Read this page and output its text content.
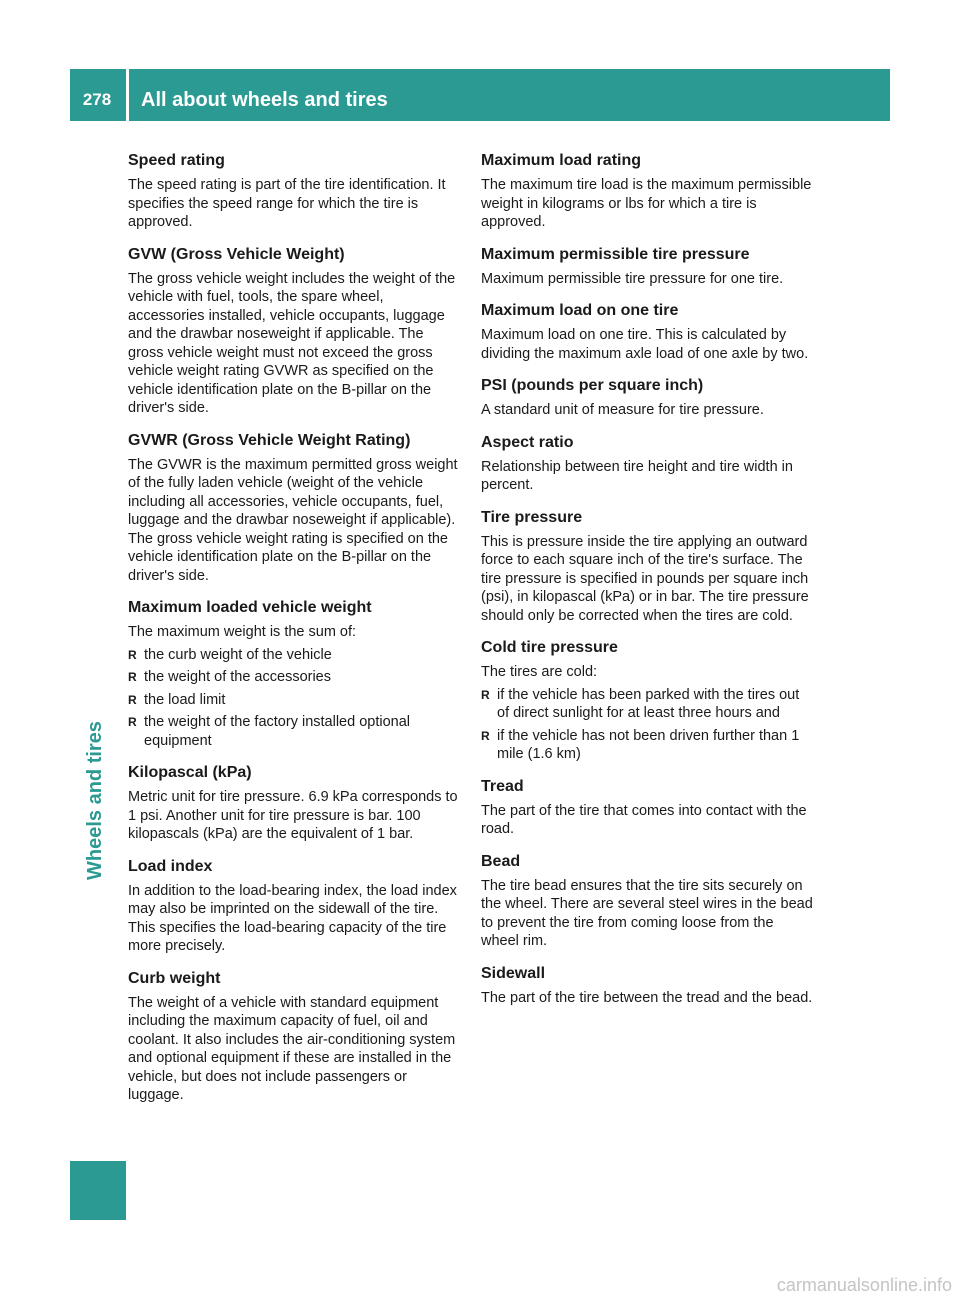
278	All about wheels and tires
Wheels and tires
Speed rating

The speed rating is part of the tire identification. It specifies the speed range for which the tire is approved.

GVW (Gross Vehicle Weight)

The gross vehicle weight includes the weight of the vehicle with fuel, tools, the spare wheel, accessories installed, vehicle occupants, luggage and the drawbar noseweight if applicable. The gross vehicle weight must not exceed the gross vehicle weight rating GVWR as specified on the vehicle identification plate on the B-pillar on the driver's side.

GVWR (Gross Vehicle Weight Rating)

The GVWR is the maximum permitted gross weight of the fully laden vehicle (weight of the vehicle including all accessories, vehicle occupants, fuel, luggage and the drawbar noseweight if applicable). The gross vehicle weight rating is specified on the vehicle identification plate on the B-pillar on the driver's side.

Maximum loaded vehicle weight

The maximum weight is the sum of:

R the curb weight of the vehicle
R the weight of the accessories
R the load limit
R the weight of the factory installed optional equipment
Kilopascal (kPa)

Metric unit for tire pressure. 6.9 kPa corresponds to 1 psi. Another unit for tire pressure is bar. 100 kilopascals (kPa) are the equivalent of 1 bar.

Load index

In addition to the load-bearing index, the load index may also be imprinted on the sidewall of the tire. This specifies the load-bearing capacity of the tire more precisely.

Curb weight

The weight of a vehicle with standard equipment including the maximum capacity of fuel, oil and coolant. It also includes the air-conditioning system and optional equipment if these are installed in the vehicle, but does not include passengers or luggage.

Maximum load rating

The maximum tire load is the maximum permissible weight in kilograms or lbs for which a tire is approved.

Maximum permissible tire pressure

Maximum permissible tire pressure for one tire.

Maximum load on one tire

Maximum load on one tire. This is calculated by dividing the maximum axle load of one axle by two.

PSI (pounds per square inch)

A standard unit of measure for tire pressure.

Aspect ratio

Relationship between tire height and tire width in percent.

Tire pressure

This is pressure inside the tire applying an outward force to each square inch of the tire's surface. The tire pressure is specified in pounds per square inch (psi), in kilopascal (kPa) or in bar. The tire pressure should only be corrected when the tires are cold.

Cold tire pressure

The tires are cold:

R if the vehicle has been parked with the tires out of direct sunlight for at least three hours and
R if the vehicle has not been driven further than 1 mile (1.6 km)
Tread

The part of the tire that comes into contact with the road.

Bead

The tire bead ensures that the tire sits securely on the wheel. There are several steel wires in the bead to prevent the tire from coming loose from the wheel rim.

Sidewall

The part of the tire between the tread and the bead.

carmanualsonline.info
